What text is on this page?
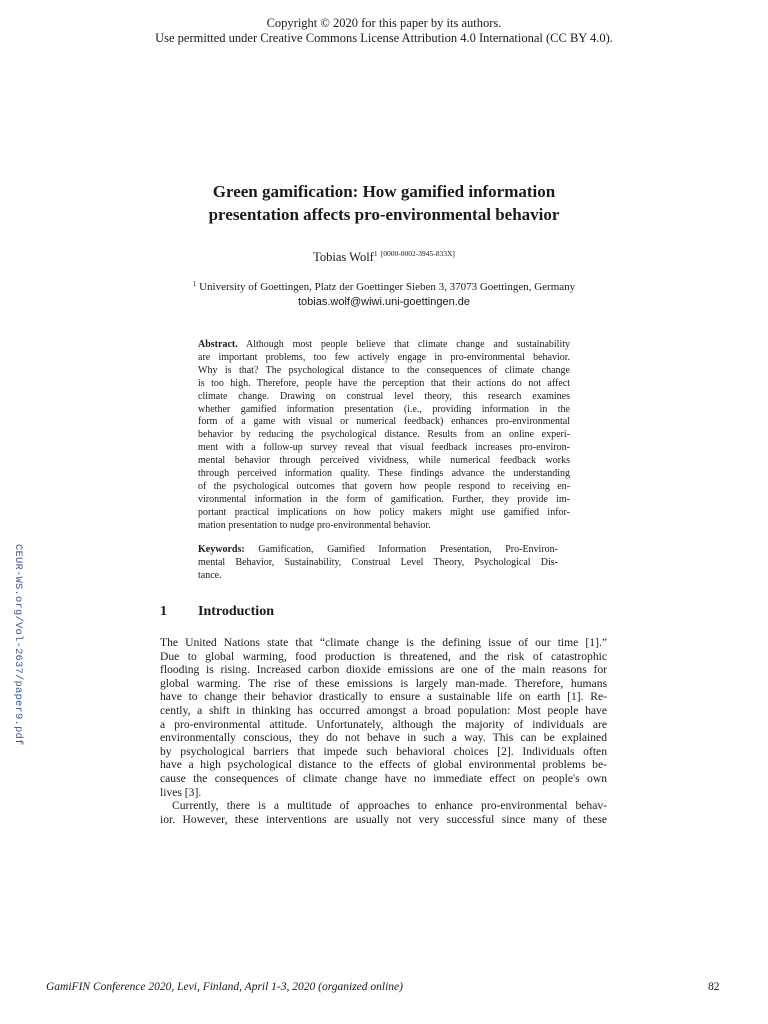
Copyright © 2020 for this paper by its authors.
Use permitted under Creative Commons License Attribution 4.0 International (CC BY 4.0).
Green gamification: How gamified information
presentation affects pro-environmental behavior
Tobias Wolf$^1$ [0000-0002-3945-833X]
$^1$ University of Goettingen, Platz der Goettinger Sieben 3, 37073 Goettingen, Germany
tobias.wolf@wiwi.uni-goettingen.de
Abstract. Although most people believe that climate change and sustainability
are important problems, too few actively engage in pro-environmental behavior.
Why is that? The psychological distance to the consequences of climate change
is too high. Therefore, people have the perception that their actions do not affect
climate change. Drawing on construal level theory, this research examines
whether gamified information presentation (i.e., providing information in the
form of a game with visual or numerical feedback) enhances pro-environmental
behavior by reducing the psychological distance. Results from an online experi-
ment with a follow-up survey reveal that visual feedback increases pro-environ-
mental behavior through perceived vividness, while numerical feedback works
through perceived information quality. These findings advance the understanding
of the psychological outcomes that govern how people respond to receiving en-
vironmental information in the form of gamification. Further, they provide im-
portant practical implications on how policy makers might use gamified infor-
mation presentation to nudge pro-environmental behavior.
Keywords: Gamification, Gamified Information Presentation, Pro-Environ-
mental Behavior, Sustainability, Construal Level Theory, Psychological Dis-
tance.
1 Introduction
The United Nations state that “climate change is the defining issue of our time [1].”
Due to global warming, food production is threatened, and the risk of catastrophic
flooding is rising. Increased carbon dioxide emissions are one of the main reasons for
global warming. The rise of these emissions is largely man-made. Therefore, humans
have to change their behavior drastically to ensure a sustainable life on earth [1]. Re-
cently, a shift in thinking has occurred amongst a broad population: Most people have
a pro-environmental attitude. Unfortunately, although the majority of individuals are
environmentally conscious, they do not behave in such a way. This can be explained
by psychological barriers that impede such behavioral choices [2]. Individuals often
have a high psychological distance to the effects of global environmental problems be-
cause the consequences of climate change have no immediate effect on people's own
lives [3].
Currently, there is a multitude of approaches to enhance pro-environmental behav-
ior. However, these interventions are usually not very successful since many of these
CEUR-WS.org/Vol-2637/paper9.pdf
GamiFIN Conference 2020, Levi, Finland, April 1-3, 2020 (organized online)	82
